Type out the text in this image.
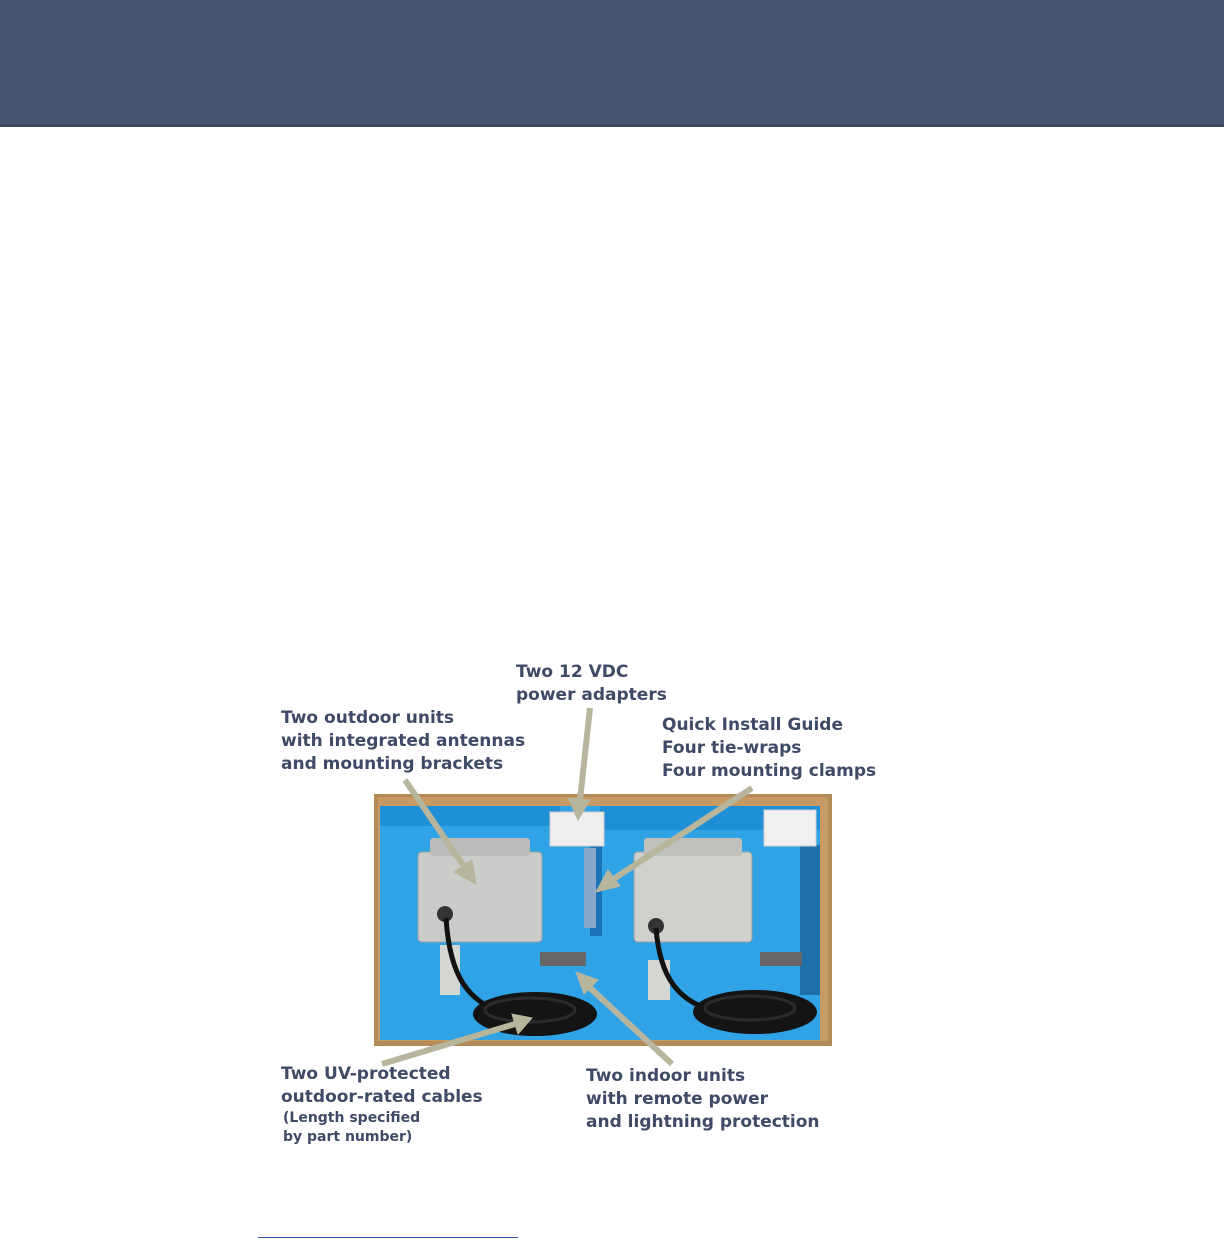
Two outdoor units
with integrated antennas
and mounting brackets
Two 12 VDC
power adapters
Quick Install Guide
Four tie-wraps
Four mounting clamps
Two UV-protected
outdoor-rated cables
(Length specified
by part number)
Two indoor units
with remote power
and lightning protection
